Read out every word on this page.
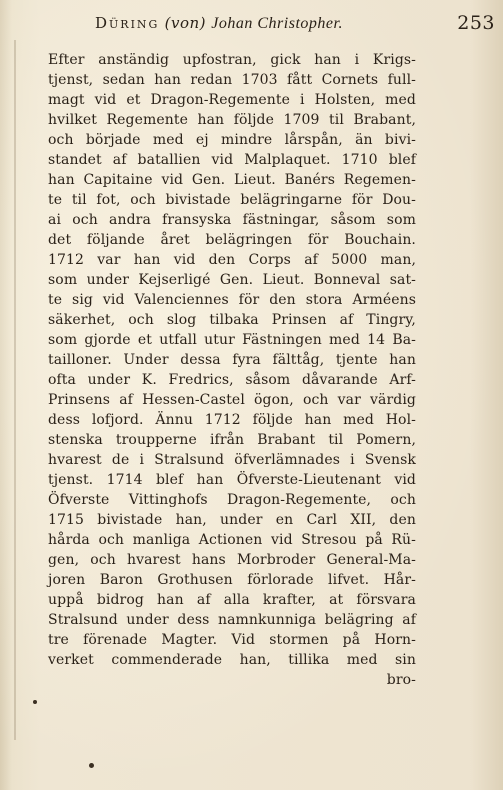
Düring (von) Johan Christopher.	253
Efter anständig upfostran, gick han i Krigs-
tjenst, sedan han redan 1703 fått Cornets full-
magt vid et Dragon-Regemente i Holsten, med
hvilket Regemente han följde 1709 til Brabant,
och började med ej mindre lårspån, än bivi-
standet af batallien vid Malplaquet. 1710 blef
han Capitaine vid Gen. Lieut. Banérs Regemen-
te til fot, och bivistade belägringarne för Dou-
ai och andra fransyska fästningar, såsom som
det följande året belägringen för Bouchain.
1712 var han vid den Corps af 5000 man,
som under Kejserligé Gen. Lieut. Bonneval sat-
te sig vid Valenciennes för den stora Arméens
säkerhet, och slog tilbaka Prinsen af Tingry,
som gjorde et utfall utur Fästningen med 14 Ba-
tailloner. Under dessa fyra fälttåg, tjente han
ofta under K. Fredrics, såsom dåvarande Arf-
Prinsens af Hessen-Castel ögon, och var värdig
dess lofjord. Ännu 1712 följde han med Hol-
stenska troupperne ifrån Brabant til Pomern,
hvarest de i Stralsund öfverlämnades i Svensk
tjenst. 1714 blef han Öfverste-Lieutenant vid
Öfverste Vittinghofs Dragon-Regemente, och
1715 bivistade han, under en Carl XII, den
hårda och manliga Actionen vid Stresou på Rü-
gen, och hvarest hans Morbroder General-Ma-
joren Baron Grothusen förlorade lifvet. Hår-
uppå bidrog han af alla krafter, at försvara
Stralsund under dess namnkunniga belägring af
tre förenade Magter. Vid stormen på Horn-
verket commenderade han, tillika med sin
bro-
